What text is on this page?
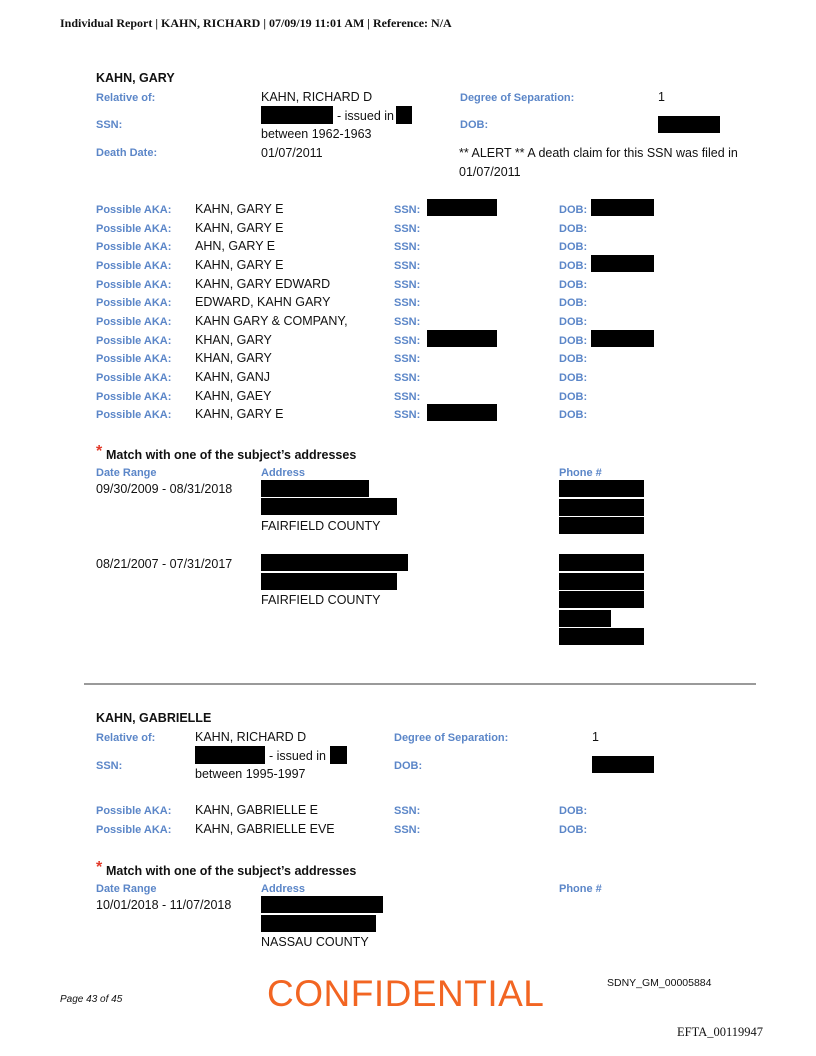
Individual Report | KAHN, RICHARD | 07/09/19 11:01 AM | Reference: N/A
KAHN, GARY
Relative of:	KAHN, RICHARD D	Degree of Separation:	1
SSN:
- issued in
between 1962-1963
DOB:
Death Date:	01/07/2011	** ALERT ** A death claim for this SSN was filed in
01/07/2011
Possible AKA: KAHN, GARY E	SSN:	DOB:
Possible AKA: KAHN, GARY E	SSN:	DOB:
Possible AKA: AHN, GARY E	SSN:	DOB:
Possible AKA: KAHN, GARY E	SSN:	DOB:
Possible AKA: KAHN, GARY EDWARD	SSN:	DOB:
Possible AKA: EDWARD, KAHN GARY	SSN:	DOB:
Possible AKA: KAHN GARY & COMPANY,	SSN:	DOB:
Possible AKA: KHAN, GARY	SSN:	DOB:
Possible AKA: KHAN, GARY	SSN:	DOB:
Possible AKA: KAHN, GANJ	SSN:	DOB:
Possible AKA: KAHN, GAEY	SSN:	DOB:
Possible AKA: KAHN, GARY E	SSN:	DOB:
* Match with one of the subject’s addresses
Date Range	Address	Phone #
09/30/2009 - 08/31/2018
FAIRFIELD COUNTY
08/21/2007 - 07/31/2017
FAIRFIELD COUNTY
KAHN, GABRIELLE
Relative of:	KAHN, RICHARD D	Degree of Separation:	1
SSN:
- issued in
between 1995-1997
DOB:
Possible AKA: KAHN, GABRIELLE E	SSN:	DOB:
Possible AKA: KAHN, GABRIELLE EVE	SSN:	DOB:
* Match with one of the subject’s addresses
Date Range	Address	Phone #
10/01/2018 - 11/07/2018
NASSAU COUNTY
Page 43 of 45	CONFIDENTIAL	SDNY_GM_00005884
EFTA_00119947
